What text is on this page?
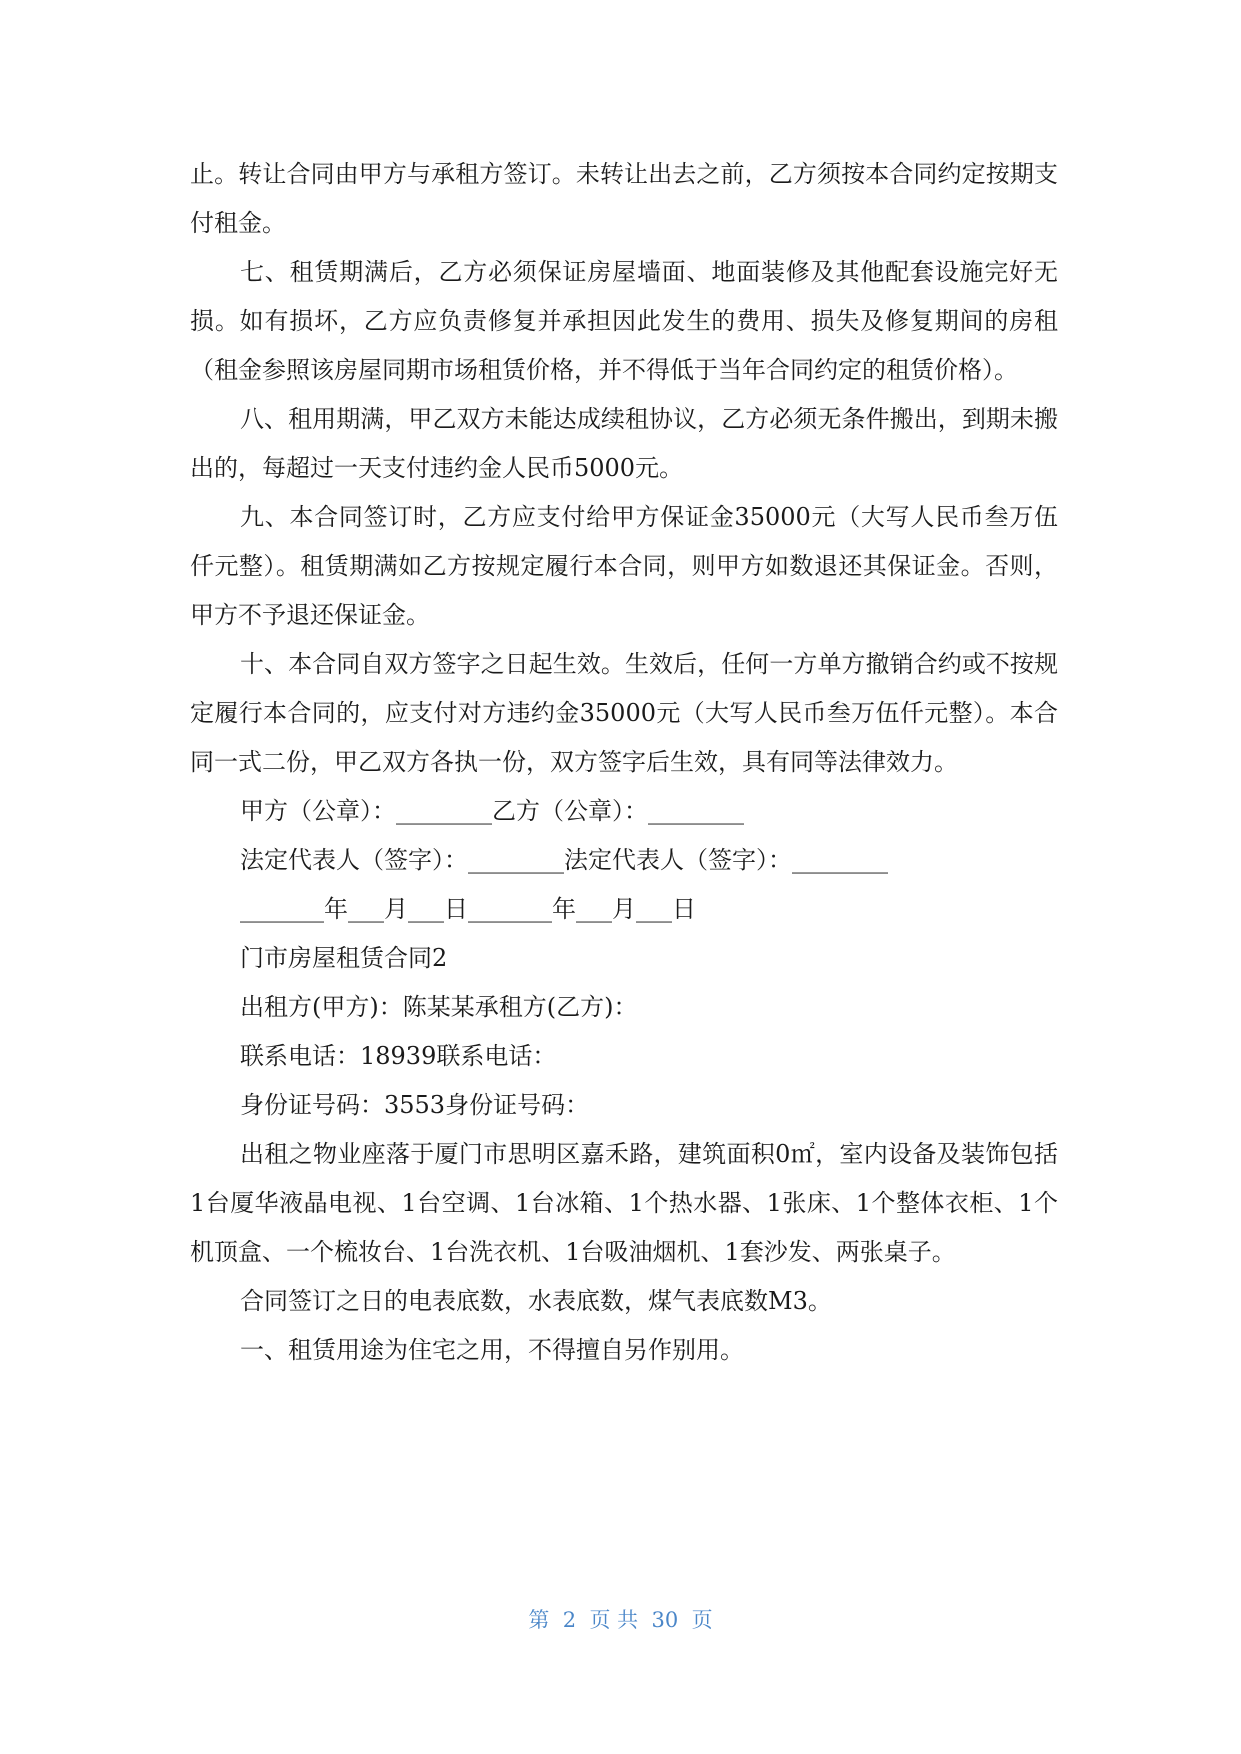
止。转让合同由甲方与承租方签订。未转让出去之前，乙方须按本合同约定按期支付租金。

七、租赁期满后，乙方必须保证房屋墙面、地面装修及其他配套设施完好无损。如有损坏，乙方应负责修复并承担因此发生的费用、损失及修复期间的房租（租金参照该房屋同期市场租赁价格，并不得低于当年合同约定的租赁价格）。

八、租用期满，甲乙双方未能达成续租协议，乙方必须无条件搬出，到期未搬出的，每超过一天支付违约金人民币5000元。

九、本合同签订时，乙方应支付给甲方保证金35000元（大写人民币叁万伍仟元整）。租赁期满如乙方按规定履行本合同，则甲方如数退还其保证金。否则，甲方不予退还保证金。

十、本合同自双方签字之日起生效。生效后，任何一方单方撤销合约或不按规定履行本合同的，应支付对方违约金35000元（大写人民币叁万伍仟元整）。本合同一式二份，甲乙双方各执一份，双方签字后生效，具有同等法律效力。

甲方（公章）：________乙方（公章）：________

法定代表人（签字）：________法定代表人（签字）：________

_______年___月___日_______年___月___日

门市房屋租赁合同2

出租方(甲方)：陈某某承租方(乙方)：

联系电话：18939联系电话：

身份证号码：3553身份证号码：

出租之物业座落于厦门市思明区嘉禾路，建筑面积0㎡，室内设备及装饰包括1台厦华液晶电视、1台空调、1台冰箱、1个热水器、1张床、1个整体衣柜、1个机顶盒、一个梳妆台、1台洗衣机、1台吸油烟机、1套沙发、两张桌子。

合同签订之日的电表底数，水表底数，煤气表底数M3。

一、租赁用途为住宅之用，不得擅自另作别用。

第  2  页 共  30  页
